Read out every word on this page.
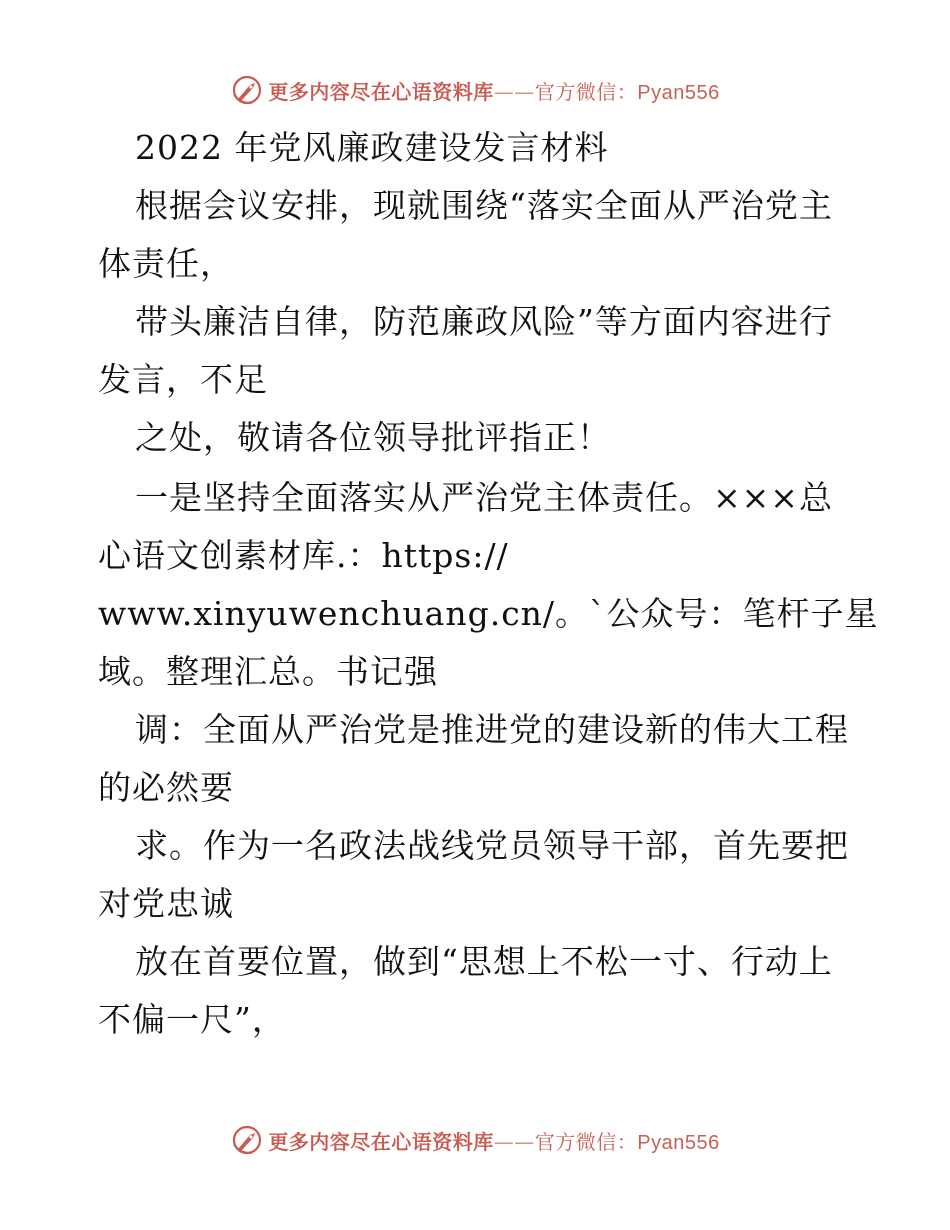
更多内容尽在心语资料库——官方微信：Pyan556
2022 年党风廉政建设发言材料
根据会议安排，现就围绕“落实全面从严治党主
体责任，
带头廉洁自律，防范廉政风险”等方面内容进行
发言，不足
之处，敬请各位领导批评指正！
一是坚持全面落实从严治党主体责任。×××总
心语文创素材库.：https://
www.xinyuwenchuang.cn/。`公众号：笔杆子星
域。整理汇总。书记强
调：全面从严治党是推进党的建设新的伟大工程
的必然要
求。作为一名政法战线党员领导干部，首先要把
对党忠诚
放在首要位置，做到“思想上不松一寸、行动上
不偏一尺”，
更多内容尽在心语资料库——官方微信：Pyan556
